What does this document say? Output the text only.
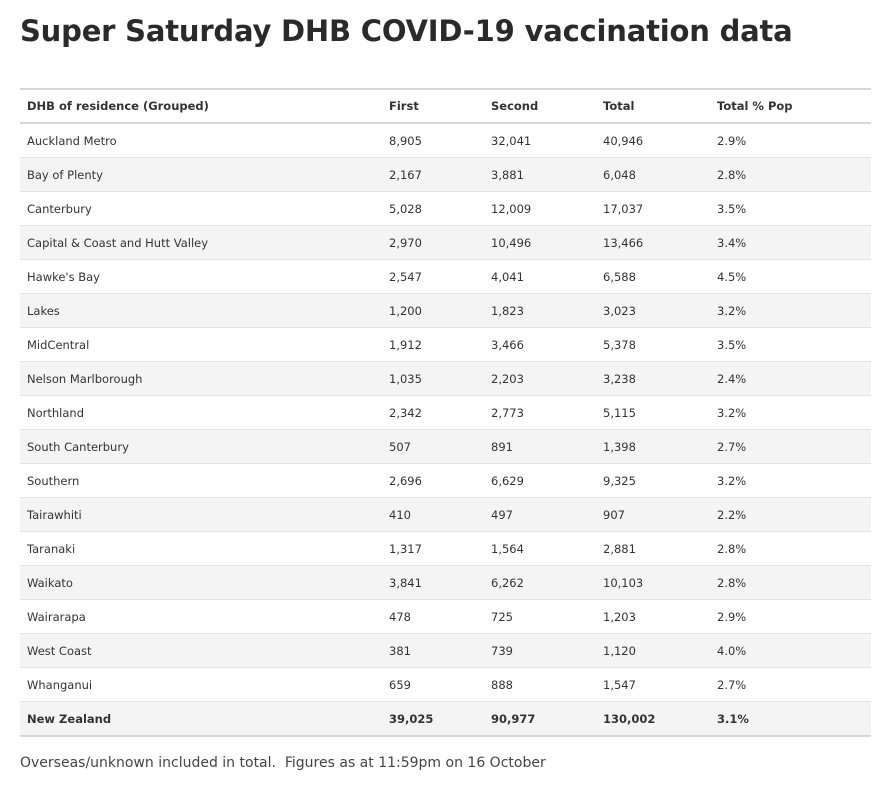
Super Saturday DHB COVID-19 vaccination data
DHB of residence (Grouped)	First	Second	Total	Total % Pop
Auckland Metro	8,905	32,041	40,946	2.9%
Bay of Plenty	2,167	3,881	6,048	2.8%
Canterbury	5,028	12,009	17,037	3.5%
Capital & Coast and Hutt Valley	2,970	10,496	13,466	3.4%
Hawke's Bay	2,547	4,041	6,588	4.5%
Lakes	1,200	1,823	3,023	3.2%
MidCentral	1,912	3,466	5,378	3.5%
Nelson Marlborough	1,035	2,203	3,238	2.4%
Northland	2,342	2,773	5,115	3.2%
South Canterbury	507	891	1,398	2.7%
Southern	2,696	6,629	9,325	3.2%
Tairawhiti	410	497	907	2.2%
Taranaki	1,317	1,564	2,881	2.8%
Waikato	3,841	6,262	10,103	2.8%
Wairarapa	478	725	1,203	2.9%
West Coast	381	739	1,120	4.0%
Whanganui	659	888	1,547	2.7%
New Zealand	39,025	90,977	130,002	3.1%

Overseas/unknown included in total.  Figures as at 11:59pm on 16 October
